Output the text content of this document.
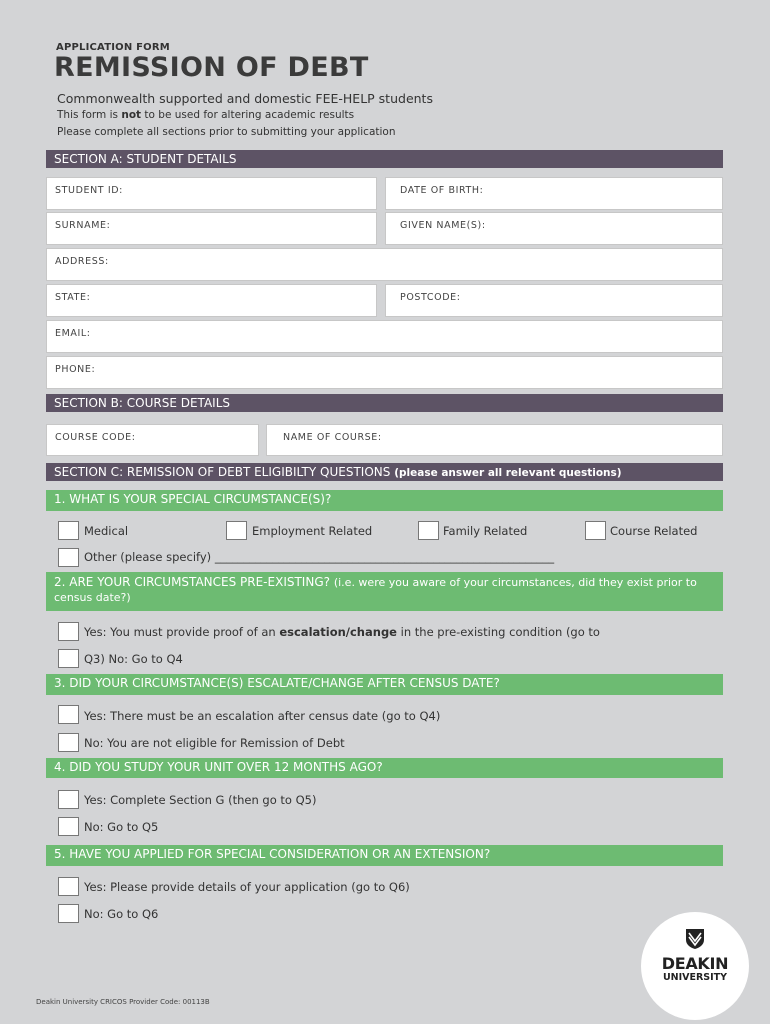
APPLICATION FORM
REMISSION OF DEBT
Commonwealth supported and domestic FEE-HELP students
This form is not to be used for altering academic results
Please complete all sections prior to submitting your application
SECTION A: STUDENT DETAILS
STUDENT ID:	DATE OF BIRTH:
SURNAME:	GIVEN NAME(S):
ADDRESS:
STATE:	POSTCODE:
EMAIL:
PHONE:
SECTION B: COURSE DETAILS
COURSE CODE:	NAME OF COURSE:
SECTION C: REMISSION OF DEBT ELIGIBILTY QUESTIONS (please answer all relevant questions)
1. WHAT IS YOUR SPECIAL CIRCUMSTANCE(S)?
Medical	Employment Related	Family Related	Course Related
Other (please specify) ___________________________________________________________
2. ARE YOUR CIRCUMSTANCES PRE-EXISTING? (i.e. were you aware of your circumstances, did they exist prior to census date?)
Yes: You must provide proof of an escalation/change in the pre-existing condition (go to
Q3) No: Go to Q4
3. DID YOUR CIRCUMSTANCE(S) ESCALATE/CHANGE AFTER CENSUS DATE?
Yes: There must be an escalation after census date (go to Q4)
No: You are not eligible for Remission of Debt
4. DID YOU STUDY YOUR UNIT OVER 12 MONTHS AGO?
Yes: Complete Section G (then go to Q5)
No: Go to Q5
5. HAVE YOU APPLIED FOR SPECIAL CONSIDERATION OR AN EXTENSION?
Yes: Please provide details of your application (go to Q6)
No: Go to Q6
Deakin University CRICOS Provider Code: 00113B
DEAKIN
UNIVERSITY
